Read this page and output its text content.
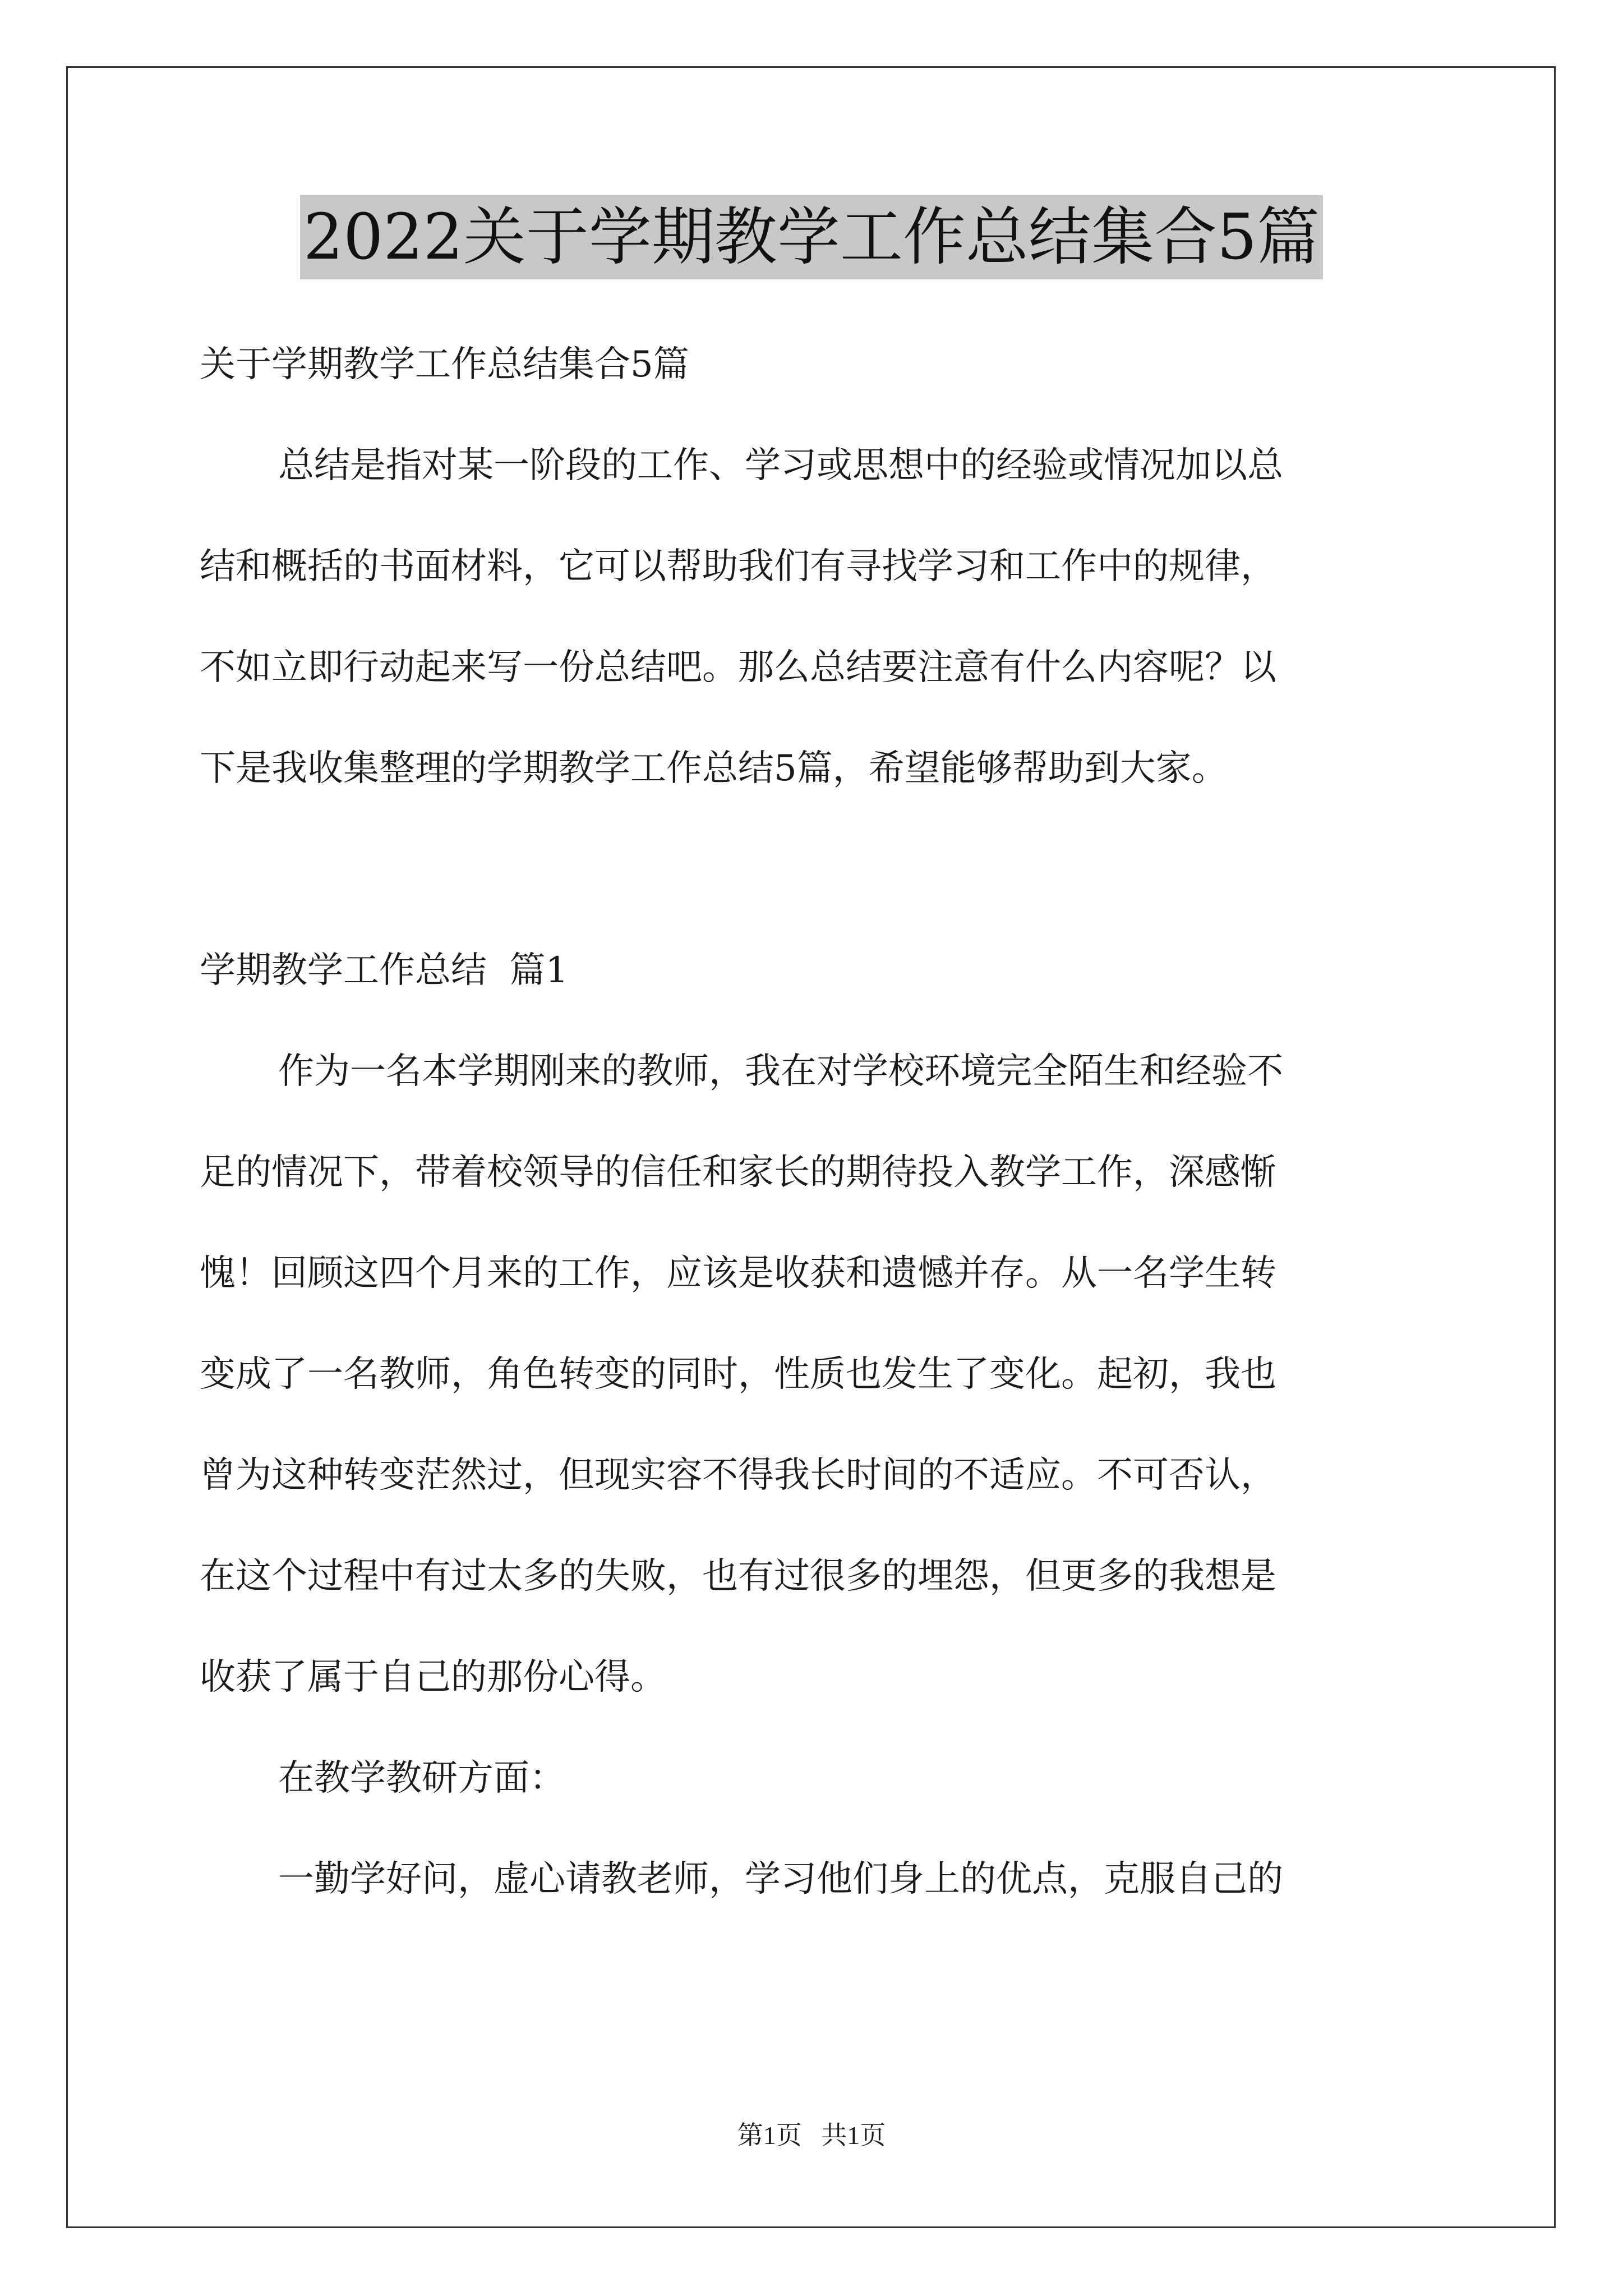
2022关于学期教学工作总结集合5篇
关于学期教学工作总结集合5篇
总结是指对某一阶段的工作、学习或思想中的经验或情况加以总
结和概括的书面材料，它可以帮助我们有寻找学习和工作中的规律，
不如立即行动起来写一份总结吧。那么总结要注意有什么内容呢？以
下是我收集整理的学期教学工作总结5篇，希望能够帮助到大家。
学期教学工作总结  篇1
作为一名本学期刚来的教师，我在对学校环境完全陌生和经验不
足的情况下，带着校领导的信任和家长的期待投入教学工作，深感惭
愧！回顾这四个月来的工作，应该是收获和遗憾并存。从一名学生转
变成了一名教师，角色转变的同时，性质也发生了变化。起初，我也
曾为这种转变茫然过，但现实容不得我长时间的不适应。不可否认，
在这个过程中有过太多的失败，也有过很多的埋怨，但更多的我想是
收获了属于自己的那份心得。
在教学教研方面：
一勤学好问，虚心请教老师，学习他们身上的优点，克服自己的
第1页   共1页
